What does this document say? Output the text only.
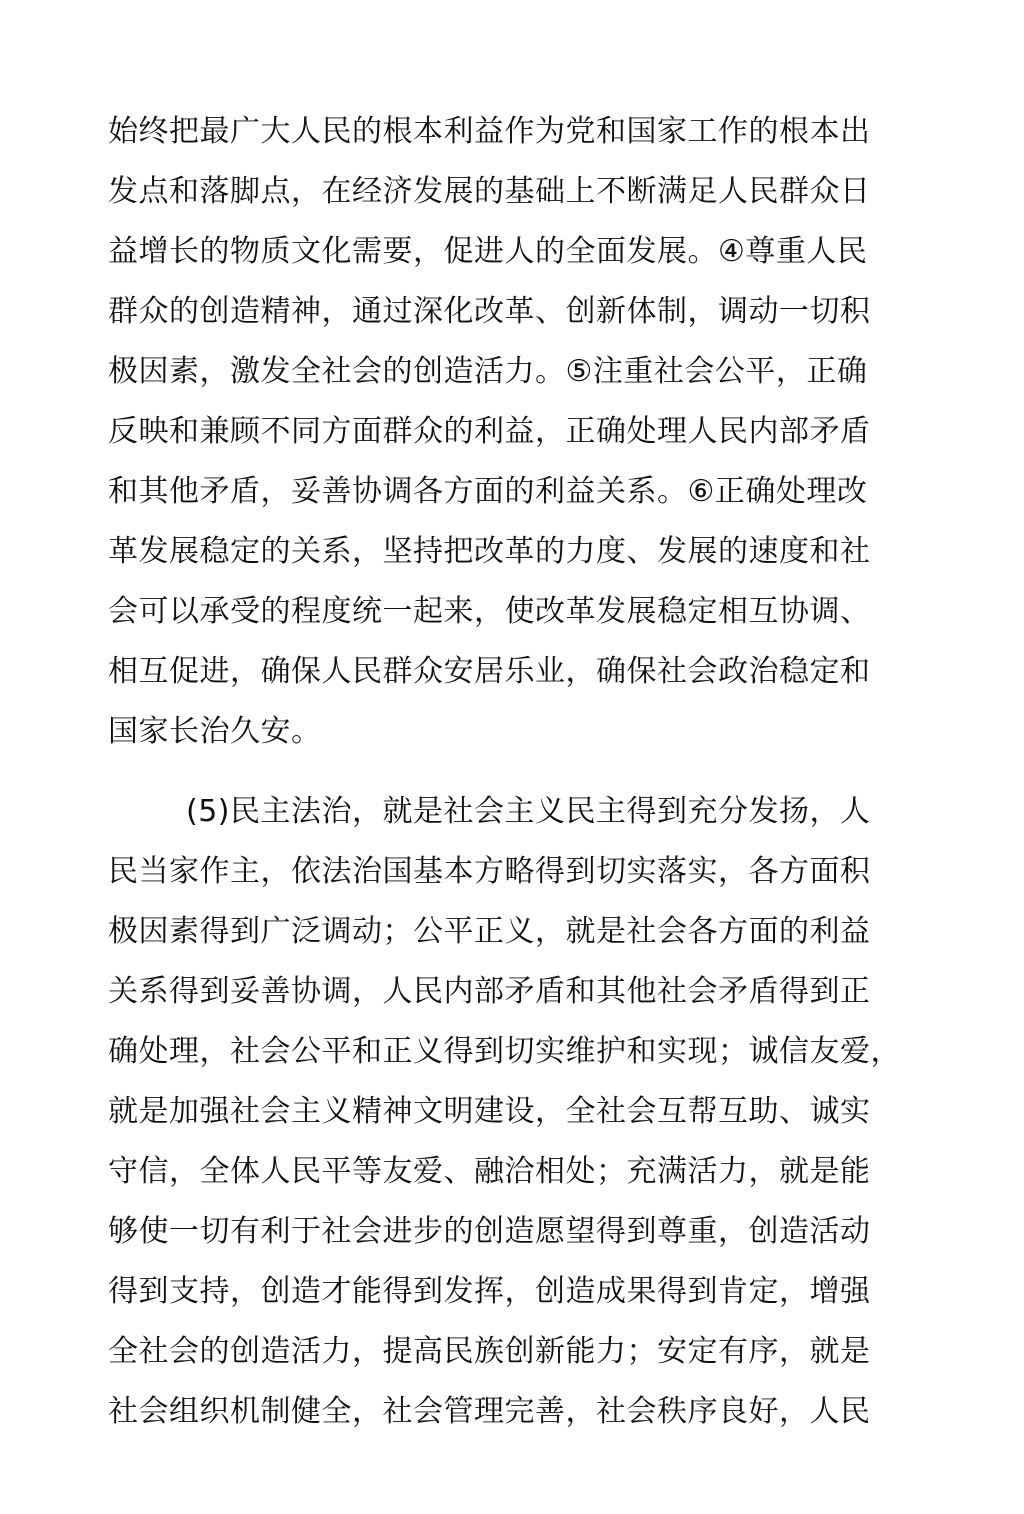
始终把最广大人民的根本利益作为党和国家工作的根本出
发点和落脚点，在经济发展的基础上不断满足人民群众日
益增长的物质文化需要，促进人的全面发展。④尊重人民
群众的创造精神，通过深化改革、创新体制，调动一切积
极因素，激发全社会的创造活力。⑤注重社会公平，正确
反映和兼顾不同方面群众的利益，正确处理人民内部矛盾
和其他矛盾，妥善协调各方面的利益关系。⑥正确处理改
革发展稳定的关系，坚持把改革的力度、发展的速度和社
会可以承受的程度统一起来，使改革发展稳定相互协调、
相互促进，确保人民群众安居乐业，确保社会政治稳定和
国家长治久安。
(5)民主法治，就是社会主义民主得到充分发扬，人
民当家作主，依法治国基本方略得到切实落实，各方面积
极因素得到广泛调动；公平正义，就是社会各方面的利益
关系得到妥善协调，人民内部矛盾和其他社会矛盾得到正
确处理，社会公平和正义得到切实维护和实现；诚信友爱，
就是加强社会主义精神文明建设，全社会互帮互助、诚实
守信，全体人民平等友爱、融洽相处；充满活力，就是能
够使一切有利于社会进步的创造愿望得到尊重，创造活动
得到支持，创造才能得到发挥，创造成果得到肯定，增强
全社会的创造活力，提高民族创新能力；安定有序，就是
社会组织机制健全，社会管理完善，社会秩序良好，人民
